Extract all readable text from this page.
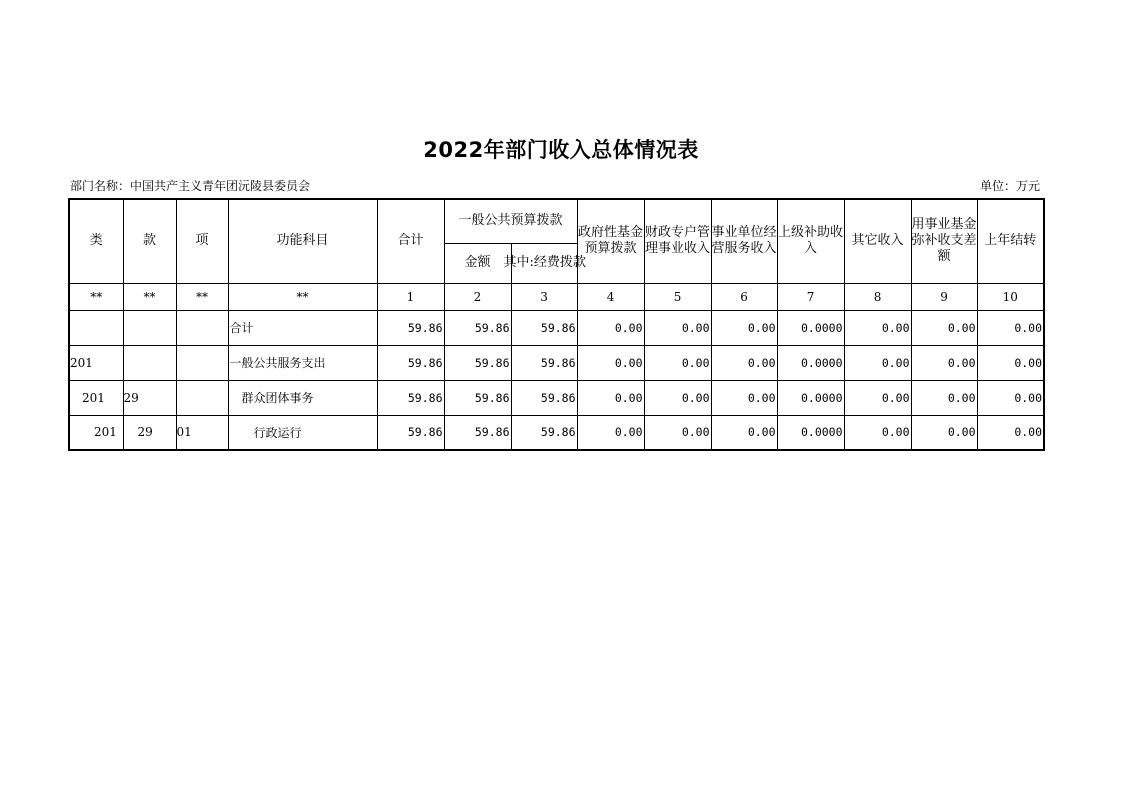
2022年部门收入总体情况表
部门名称：中国共产主义青年团沅陵县委员会	单位：万元
类	款	项	功能科目	合计	一般公共预算拨款		政府性基金预算拨款	财政专户管理事业收入	事业单位经营服务收入	上级补助收入	其它收入	用事业基金弥补收支差额	上年结转
					金额	其中:经费拨款							
**	**	**	**	1	2	3	4	5	6	7	8	9	10
			合计	59.86	59.86	59.86	0.00	0.00	0.00	0.0000	0.00	0.00	0.00
201			一般公共服务支出	59.86	59.86	59.86	0.00	0.00	0.00	0.0000	0.00	0.00	0.00
201	29		群众团体事务	59.86	59.86	59.86	0.00	0.00	0.00	0.0000	0.00	0.00	0.00
201	29	01	行政运行	59.86	59.86	59.86	0.00	0.00	0.00	0.0000	0.00	0.00	0.00
